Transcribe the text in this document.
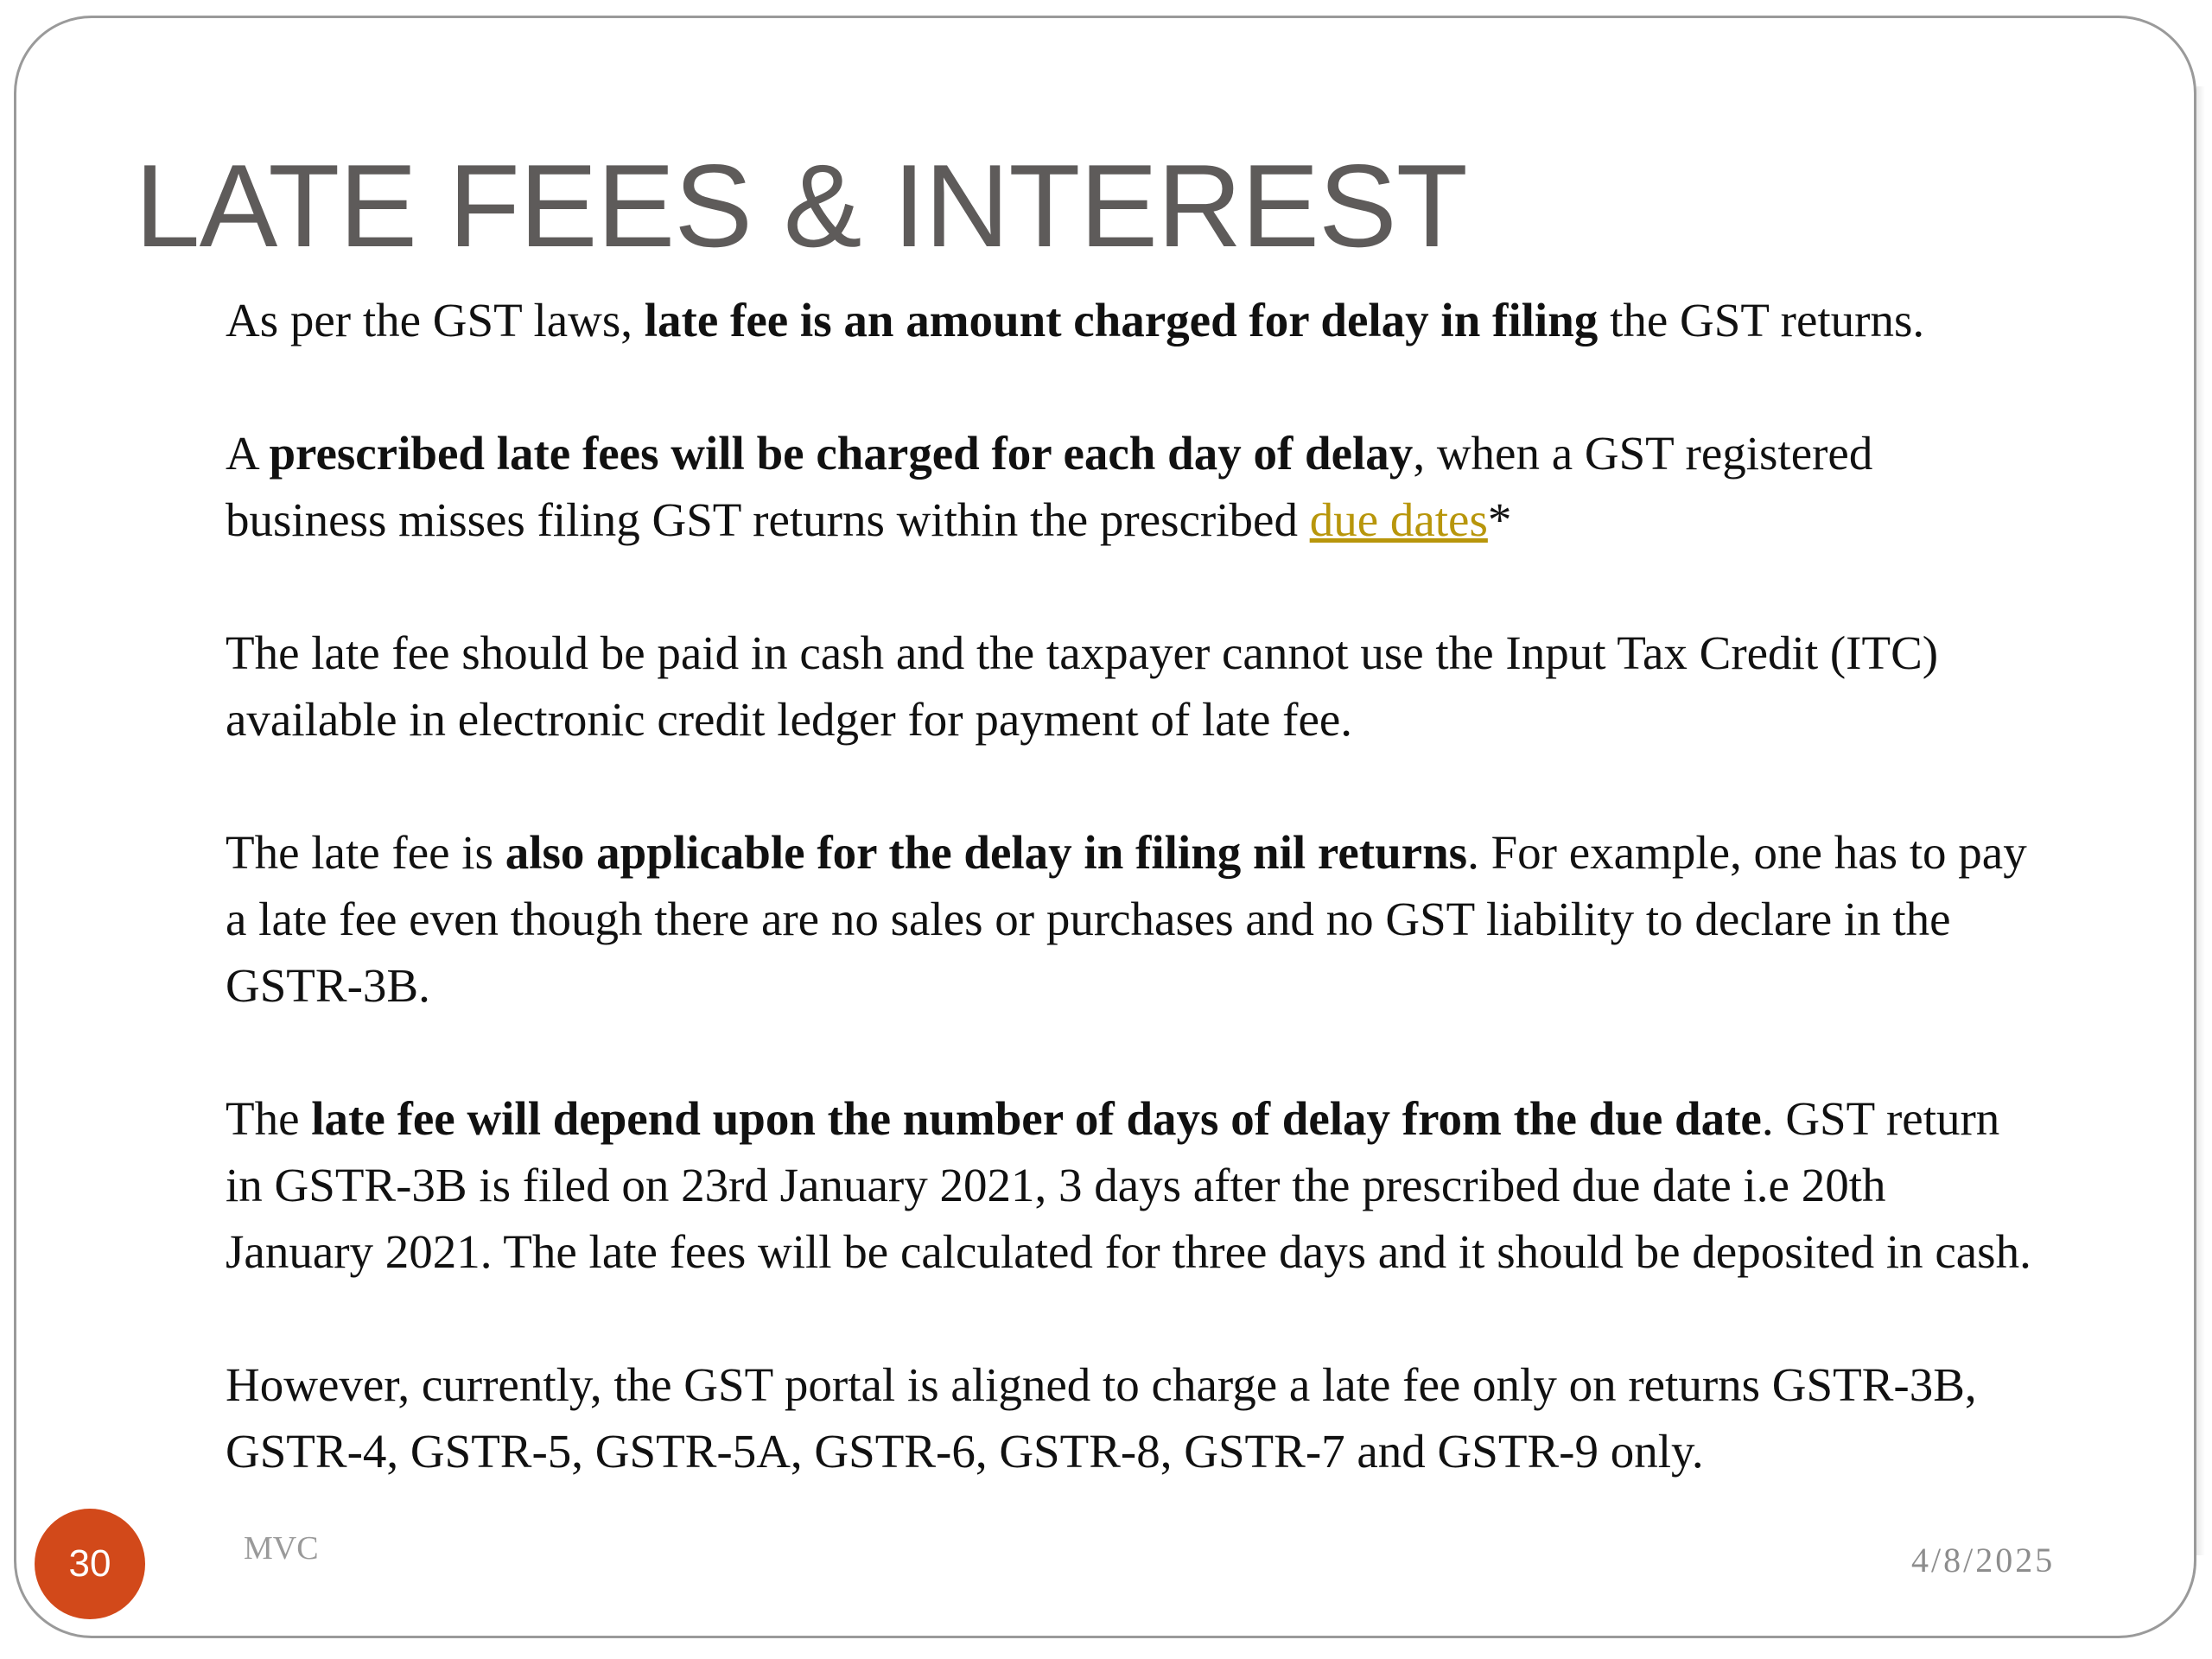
LATE FEES & INTEREST

As per the GST laws, late fee is an amount charged for delay in filing the GST returns.

A prescribed late fees will be charged for each day of delay, when a GST registered business misses filing GST returns within the prescribed due dates*

The late fee should be paid in cash and the taxpayer cannot use the Input Tax Credit (ITC) available in electronic credit ledger for payment of late fee.

The late fee is also applicable for the delay in filing nil returns. For example, one has to pay a late fee even though there are no sales or purchases and no GST liability to declare in the GSTR-3B.

The late fee will depend upon the number of days of delay from the due date. GST return in GSTR-3B is filed on 23rd January 2021, 3 days after the prescribed due date i.e 20th January 2021. The late fees will be calculated for three days and it should be deposited in cash.

However, currently, the GST portal is aligned to charge a late fee only on returns GSTR-3B, GSTR-4, GSTR-5, GSTR-5A, GSTR-6, GSTR-8, GSTR-7 and GSTR-9 only.

30	MVC	4/8/2025
